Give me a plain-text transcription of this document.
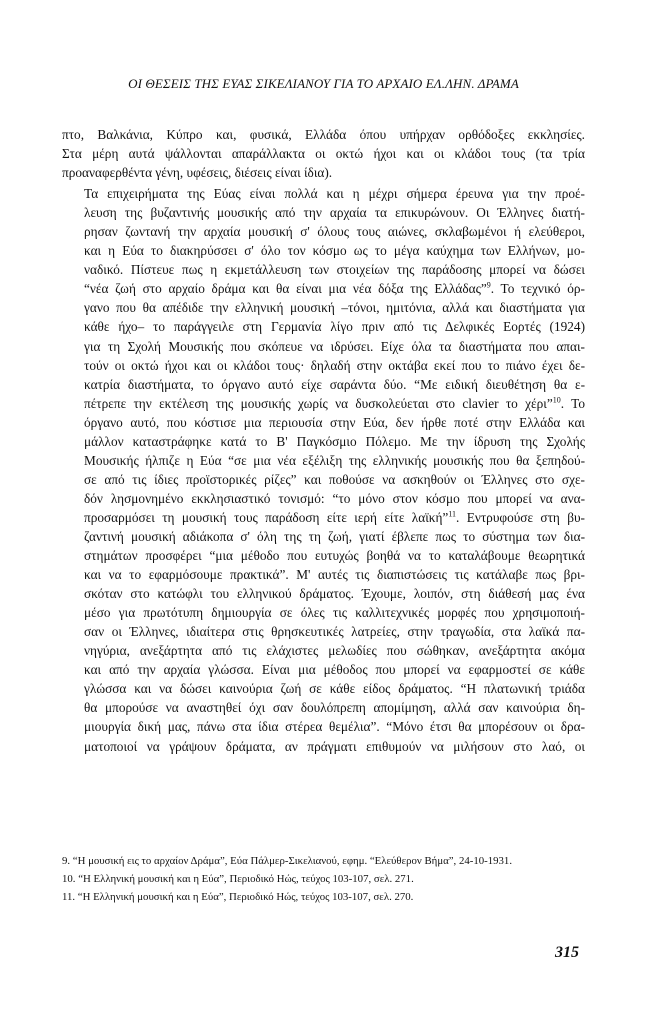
ΟΙ ΘΕΣΕΙΣ ΤΗΣ ΕΥΑΣ ΣΙΚΕΛΙΑΝΟΥ ΓΙΑ ΤΟ ΑΡΧΑΙΟ ΕΛ.ΛΗΝ. ΔΡΑΜΑ

πτο, Βαλκάνια, Κύπρο και, φυσικά, Ελλάδα όπου υπήρχαν ορθόδοξες εκκλησίες.
Στα μέρη αυτά ψάλλονται απαράλλακτα οι οκτώ ήχοι και οι κλάδοι τους (τα τρία
προαναφερθέντα γένη, υφέσεις, διέσεις είναι ίδια).

Τα επιχειρήματα της Εύας είναι πολλά και η μέχρι σήμερα έρευνα για την προέ-
λευση της βυζαντινής μουσικής από την αρχαία τα επικυρώνουν. Οι Έλληνες διατή-
ρησαν ζωντανή την αρχαία μουσική σ' όλους τους αιώνες, σκλαβωμένοι ή ελεύθεροι,
και η Εύα το διακηρύσσει σ' όλο τον κόσμο ως το μέγα καύχημα των Ελλήνων, μο-
ναδικό. Πίστευε πως η εκμετάλλευση των στοιχείων της παράδοσης μπορεί να δώσει
“νέα ζωή στο αρχαίο δράμα και θα είναι μια νέα δόξα της Ελλάδας”$^9$. Το τεχνικό όρ-
γανο που θα απέδιδε την ελληνική μουσική –τόνοι, ημιτόνια, αλλά και διαστήματα για
κάθε ήχο– το παράγγειλε στη Γερμανία λίγο πριν από τις Δελφικές Εορτές (1924)
για τη Σχολή Μουσικής που σκόπευε να ιδρύσει. Είχε όλα τα διαστήματα που απαι-
τούν οι οκτώ ήχοι και οι κλάδοι τους· δηλαδή στην οκτάβα εκεί που το πιάνο έχει δε-
κατρία διαστήματα, το όργανο αυτό είχε σαράντα δύο. “Με ειδική διευθέτηση θα ε-
πέτρεπε την εκτέλεση της μουσικής χωρίς να δυσκολεύεται στο clavier το χέρι”$^{10}$. Το
όργανο αυτό, που κόστισε μια περιουσία στην Εύα, δεν ήρθε ποτέ στην Ελλάδα και
μάλλον καταστράφηκε κατά το Β' Παγκόσμιο Πόλεμο. Με την ίδρυση της Σχολής
Μουσικής ήλπιζε η Εύα “σε μια νέα εξέλιξη της ελληνικής μουσικής που θα ξεπηδού-
σε από τις ίδιες προϊστορικές ρίζες” και ποθούσε να ασκηθούν οι Έλληνες στο σχε-
δόν λησμονημένο εκκλησιαστικό τονισμό: “το μόνο στον κόσμο που μπορεί να ανα-
προσαρμόσει τη μουσική τους παράδοση είτε ιερή είτε λαϊκή”$^{11}$. Εντρυφούσε στη βυ-
ζαντινή μουσική αδιάκοπα σ' όλη της τη ζωή, γιατί έβλεπε πως το σύστημα των δια-
στημάτων προσφέρει “μια μέθοδο που ευτυχώς βοηθά να το καταλάβουμε θεωρητικά
και να το εφαρμόσουμε πρακτικά”. Μ' αυτές τις διαπιστώσεις τις κατάλαβε πως βρι-
σκόταν στο κατώφλι του ελληνικού δράματος. Έχουμε, λοιπόν, στη διάθεσή μας ένα
μέσο για πρωτότυπη δημιουργία σε όλες τις καλλιτεχνικές μορφές που χρησιμοποιή-
σαν οι Έλληνες, ιδιαίτερα στις θρησκευτικές λατρείες, στην τραγωδία, στα λαϊκά πα-
νηγύρια, ανεξάρτητα από τις ελάχιστες μελωδίες που σώθηκαν, ανεξάρτητα ακόμα
και από την αρχαία γλώσσα. Είναι μια μέθοδος που μπορεί να εφαρμοστεί σε κάθε
γλώσσα και να δώσει καινούρια ζωή σε κάθε είδος δράματος. “Η πλατωνική τριάδα
θα μπορούσε να αναστηθεί όχι σαν δουλόπρεπη απομίμηση, αλλά σαν καινούρια δη-
μιουργία δική μας, πάνω στα ίδια στέρεα θεμέλια”. “Μόνο έτσι θα μπορέσουν οι δρα-
ματοποιοί να γράψουν δράματα, αν πράγματι επιθυμούν να μιλήσουν στο λαό, οι

9. “Η μουσική εις το αρχαίον Δράμα”, Εύα Πάλμερ-Σικελιανού, εφημ. “Ελεύθερον Βήμα”, 24-10-1931.
10. “Η Ελληνική μουσική και η Εύα”, Περιοδικό Ηώς, τεύχος 103-107, σελ. 271.
11. “Η Ελληνική μουσική και η Εύα”, Περιοδικό Ηώς, τεύχος 103-107, σελ. 270.
315
